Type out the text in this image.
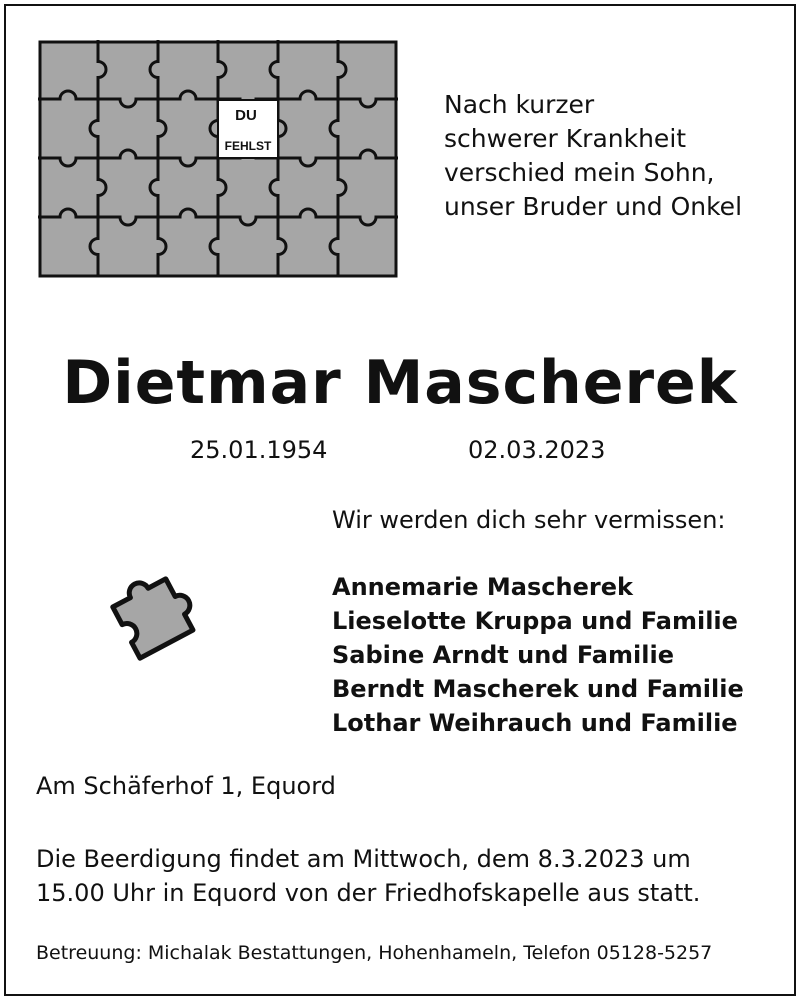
DU
FEHLST
Nach kurzer
schwerer Krankheit
verschied mein Sohn,
unser Bruder und Onkel
Dietmar Mascherek
25.01.1954	02.03.2023
Wir werden dich sehr vermissen:
Annemarie Mascherek
Lieselotte Kruppa und Familie
Sabine Arndt und Familie
Berndt Mascherek und Familie
Lothar Weihrauch und Familie
Am Schäferhof 1, Equord
Die Beerdigung findet am Mittwoch, dem 8.3.2023 um
15.00 Uhr in Equord von der Friedhofskapelle aus statt.
Betreuung: Michalak Bestattungen, Hohenhameln, Telefon 05128-5257
